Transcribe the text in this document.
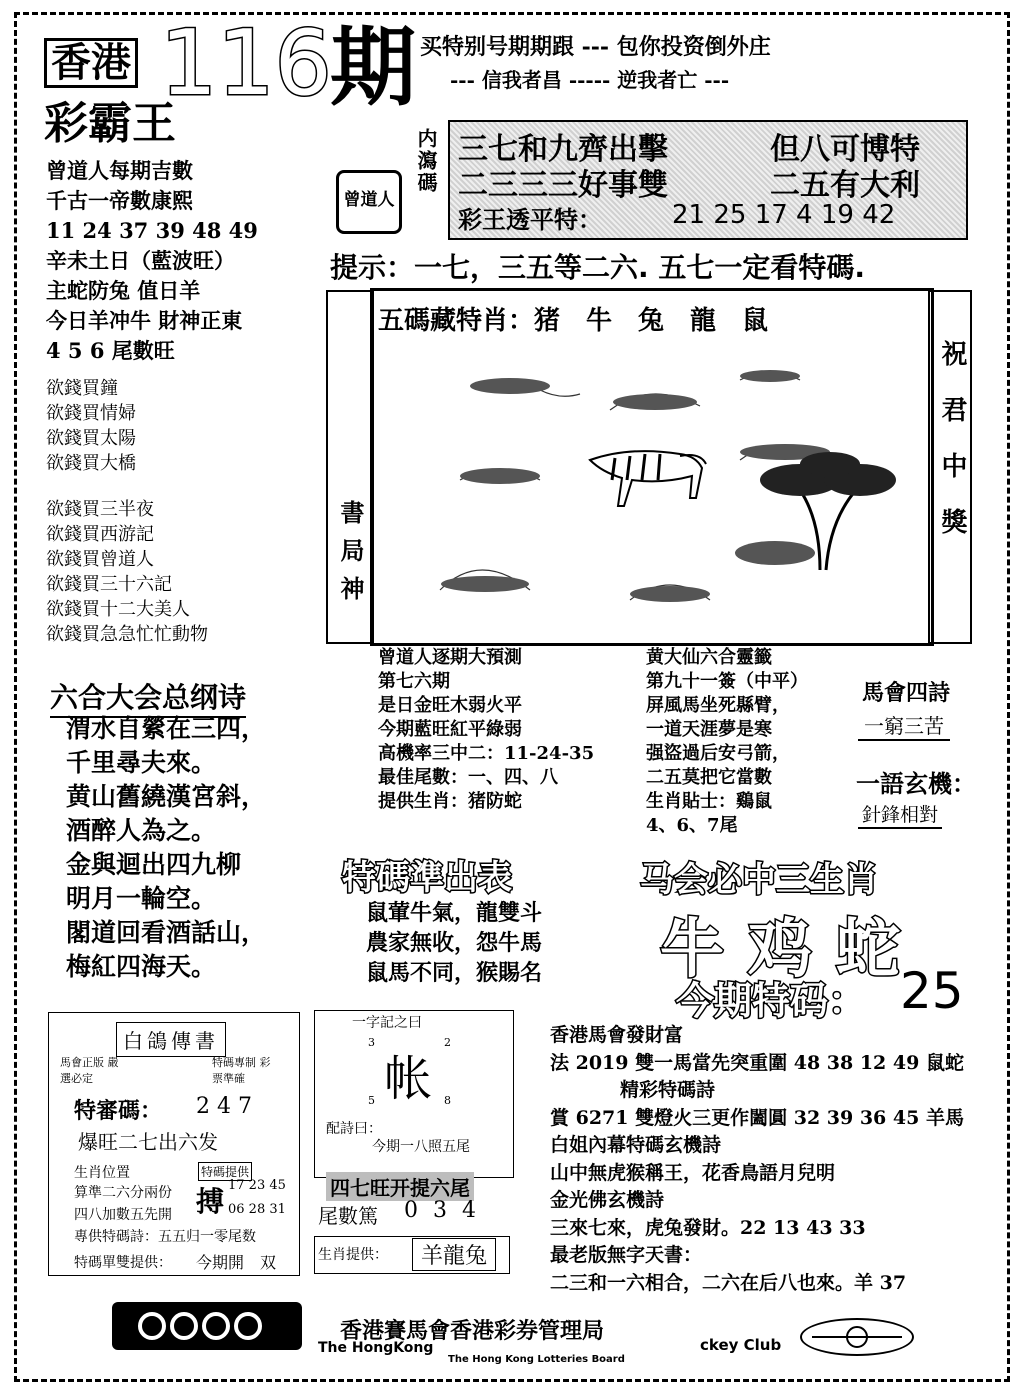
香港 116
期 买特别号期期跟 --- 包你投资倒外庄
--- 信我者昌 ----- 逆我者亡 ---
彩霸王
曾道人每期吉數
千古一帝數康熙
11 24 37 39 48 49
辛未土日（藍波旺）
主蛇防兔 值日羊
今日羊冲牛 財神正東
4 5 6 尾數旺
欲錢買鐘
欲錢買情婦
欲錢買太陽
欲錢買大橋
欲錢買三半夜
欲錢買西游記
欲錢買曾道人
欲錢買三十六記
欲錢買十二大美人
欲錢買急急忙忙動物
曾道人
内瀉碼 三七和九齊出擊	但八可博特
二三三三好事雙	二五有大利
彩王透平特：	21 25 17 4 19 42
提示：一七，三五等二六. 五七一定看特碼.
書局神
五碼藏特肖：猪　牛　兔　龍　鼠
祝君中獎
六合大会总纲诗
渭水自縈在三四，
千里尋夫來。
黄山舊繞漢宮斜，
酒醉人為之。
金與迴出四九柳
明月一輪空。
閣道回看酒話山，
梅紅四海天。
曾道人逐期大預測
第七六期
是日金旺木弱火平
今期藍旺紅平綠弱
高機率三中二：11-24-35
最佳尾數：一、四、八
提供生肖：猪防蛇
黄大仙六合靈籤
第九十一簽（中平）
屏風馬坐死縣臂，
一道天涯夢是寒
强盜過后安弓箭，
二五莫把它當數
生肖貼士：鷄鼠
4、6、7尾
馬會四詩
一窮三苦
一語玄機：
針鋒相對
特碼準出表
鼠葷牛氣，龍雙斗
農家無收，怨牛馬
鼠馬不同，猴賜名
马会必中三生肖
牛鸡蛇
今期特码： 25
白鴿傳書
馬會正版 嚴選必定
特碼專制 彩票準確
特審碼： 2 4 7
爆旺二七出六发
生肖位置
算準二六分兩份
四八加數五先開
特碼提供
搏 17 23 45
06 28 31
專供特碼詩：五五归一零尾数
特碼單雙提供： 今期開　双
一字記之曰
3	2
帐
5	8
配詩曰：
今期一八照五尾
四七旺开提六尾
尾數篤 0 3 4
生肖提供：	羊龍兔
香港馬會發財富
法 2019 雙一馬當先突重圍 48 38 12 49 鼠蛇
精彩特碼詩
賞 6271 雙燈火三更作闔圓 32 39 36 45 羊馬
白姐內幕特碼玄機詩
山中無虎猴稱王，花香鳥語月兒明
金光佛玄機詩
三來七來，虎兔發財。22 13 43 33
最老版無字天書：
二三和一六相合，二六在后八也來。羊 37
香港賽馬會香港彩券管理局
The HongKong	ckey Club
The Hong Kong Lotteries Board
